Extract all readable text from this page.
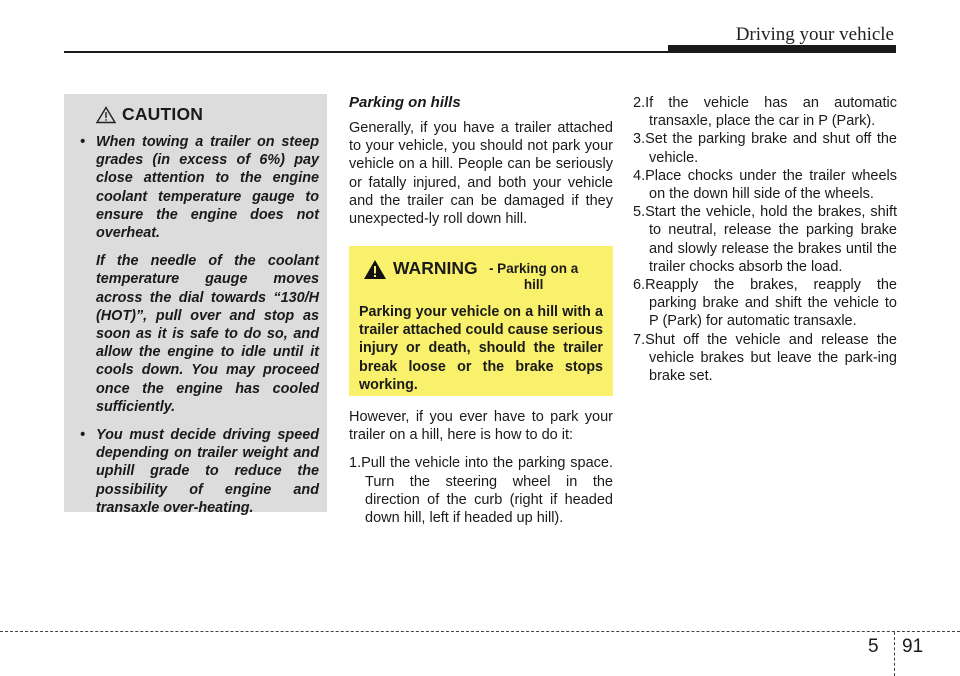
Driving your vehicle
CAUTION
• When towing a trailer on steep grades (in excess of 6%) pay close attention to the engine coolant temperature gauge to ensure the engine does not overheat.
If the needle of the coolant temperature gauge moves across the dial towards “130/H (HOT)”, pull over and stop as soon as it is safe to do so, and allow the engine to idle until it cools down. You may proceed once the engine has cooled sufficiently.
• You must decide driving speed depending on trailer weight and uphill grade to reduce the possibility of engine and transaxle over-heating.
Parking on hills

Generally, if you have a trailer attached to your vehicle, you should not park your vehicle on a hill. People can be seriously or fatally injured, and both your vehicle and the trailer can be damaged if they unexpected-ly roll down hill.

WARNING - Parking on a hill
Parking your vehicle on a hill with a trailer attached could cause serious injury or death, should the trailer break loose or the brake stops working.

However, if you ever have to park your trailer on a hill, here is how to do it:

1.Pull the vehicle into the parking space. Turn the steering wheel in the direction of the curb (right if headed down hill, left if headed up hill).
2.If the vehicle has an automatic transaxle, place the car in P (Park).
3.Set the parking brake and shut off the vehicle.
4.Place chocks under the trailer wheels on the down hill side of the wheels.
5.Start the vehicle, hold the brakes, shift to neutral, release the parking brake and slowly release the brakes until the trailer chocks absorb the load.
6.Reapply the brakes, reapply the parking brake and shift the vehicle to P (Park) for automatic transaxle.
7.Shut off the vehicle and release the vehicle brakes but leave the park-ing brake set.
5 91
